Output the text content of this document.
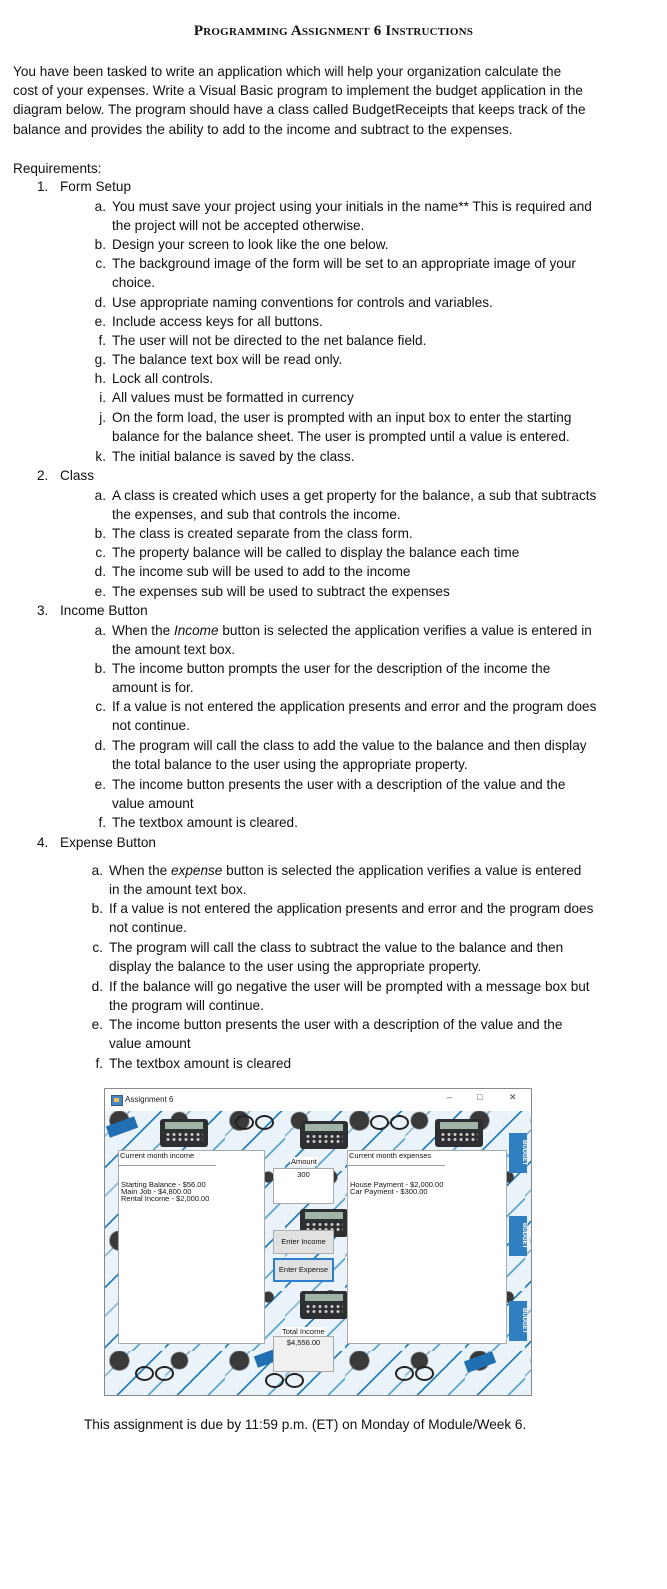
Programming Assignment 6 Instructions
You have been tasked to write an application which will help your organization calculate the
cost of your expenses. Write a Visual Basic program to implement the budget application in the
diagram below. The program should have a class called BudgetReceipts that keeps track of the
balance and provides the ability to add to the income and subtract to the expenses.
Requirements:
1. Form Setup
a. You must save your project using your initials in the name** This is required and
the project will not be accepted otherwise.
b. Design your screen to look like the one below.
c. The background image of the form will be set to an appropriate image of your
choice.
d. Use appropriate naming conventions for controls and variables.
e. Include access keys for all buttons.
f. The user will not be directed to the net balance field.
g. The balance text box will be read only.
h. Lock all controls.
i. All values must be formatted in currency
j. On the form load, the user is prompted with an input box to enter the starting
balance for the balance sheet. The user is prompted until a value is entered.
k. The initial balance is saved by the class.
2. Class
a. A class is created which uses a get property for the balance, a sub that subtracts
the expenses, and sub that controls the income.
b. The class is created separate from the class form.
c. The property balance will be called to display the balance each time
d. The income sub will be used to add to the income
e. The expenses sub will be used to subtract the expenses
3. Income Button
a. When the Income button is selected the application verifies a value is entered in
the amount text box.
b. The income button prompts the user for the description of the income the
amount is for.
c. If a value is not entered the application presents and error and the program does
not continue.
d. The program will call the class to add the value to the balance and then display
the total balance to the user using the appropriate property.
e. The income button presents the user with a description of the value and the
value amount
f. The textbox amount is cleared.
4. Expense Button
a. When the expense button is selected the application verifies a value is entered
in the amount text box.
b. If a value is not entered the application presents and error and the program does
not continue.
c. The program will call the class to subtract the value to the balance and then
display the balance to the user using the appropriate property.
d. If the balance will go negative the user will be prompted with a message box but
the program will continue.
e. The income button presents the user with a description of the value and the
value amount
f. The textbox amount is cleared
Assignment 6	–	□	✕
BUDGET
BUDGET
BUDGET
Starting Balance - $56.00
Main Job - $4,800.00
Rental Income - $2,000.00
Current month income
Amount
300
Enter Income
Enter Expense
Total Income
$4,556.00
House Payment - $2,000.00
Car Payment - $300.00
Current month expenses
This assignment is due by 11:59 p.m. (ET) on Monday of Module/Week 6.
